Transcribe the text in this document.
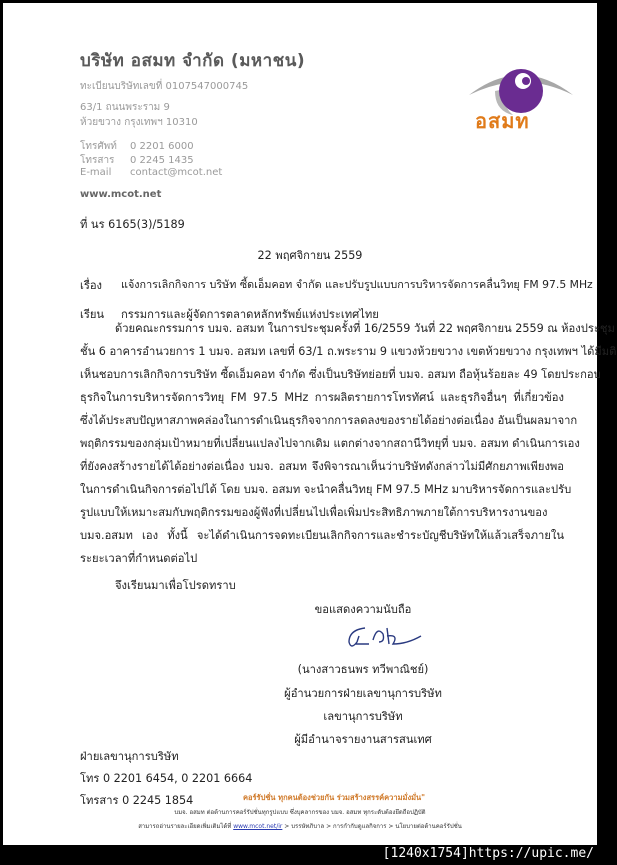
บริษัท อสมท จำกัด (มหาชน)
ทะเบียนบริษัทเลขที่ 0107547000745
63/1 ถนนพระราม 9
ห้วยขวาง กรุงเทพฯ 10310
โทรศัพท์ 0 2201 6000
โทรสาร 0 2245 1435
E-mail contact@mcot.net
www.mcot.net
อสมท
ที่ นร 6165(3)/5189
22 พฤศจิกายน 2559
เรื่อง แจ้งการเลิกกิจการ บริษัท ซี้ดเอ็มคอท จำกัด และปรับรูปแบบการบริหารจัดการคลื่นวิทยุ FM 97.5 MHz
เรียน กรรมการและผู้จัดการตลาดหลักทรัพย์แห่งประเทศไทย
ด้วยคณะกรรมการ บมจ. อสมท ในการประชุมครั้งที่ 16/2559 วันที่ 22 พฤศจิกายน 2559 ณ ห้องประชุม
ชั้น 6 อาคารอำนวยการ 1 บมจ. อสมท เลขที่ 63/1 ถ.พระราม 9 แขวงห้วยขวาง เขตห้วยขวาง กรุงเทพฯ ได้มีมติ
เห็นชอบการเลิกกิจการบริษัท ซี้ดเอ็มคอท จำกัด ซึ่งเป็นบริษัทย่อยที่ บมจ. อสมท ถือหุ้นร้อยละ 49 โดยประกอบ
ธุรกิจในการบริหารจัดการวิทยุ FM 97.5 MHz การผลิตรายการโทรทัศน์ และธุรกิจอื่นๆ ที่เกี่ยวข้อง
ซึ่งได้ประสบปัญหาสภาพคล่องในการดำเนินธุรกิจจากการลดลงของรายได้อย่างต่อเนื่อง อันเป็นผลมาจาก
พฤติกรรมของกลุ่มเป้าหมายที่เปลี่ยนแปลงไปจากเดิม แตกต่างจากสถานีวิทยุที่ บมจ. อสมท ดำเนินการเอง
ที่ยังคงสร้างรายได้ได้อย่างต่อเนื่อง บมจ. อสมท จึงพิจารณาเห็นว่าบริษัทดังกล่าวไม่มีศักยภาพเพียงพอ
ในการดำเนินกิจการต่อไปได้ โดย บมจ. อสมท จะนำคลื่นวิทยุ FM 97.5 MHz มาบริหารจัดการและปรับ
รูปแบบให้เหมาะสมกับพฤติกรรมของผู้ฟังที่เปลี่ยนไปเพื่อเพิ่มประสิทธิภาพภายใต้การบริหารงานของ
บมจ.อสมท เอง ทั้งนี้ จะได้ดำเนินการจดทะเบียนเลิกกิจการและชำระบัญชีบริษัทให้แล้วเสร็จภายใน
ระยะเวลาที่กำหนดต่อไป
จึงเรียนมาเพื่อโปรดทราบ
ขอแสดงความนับถือ
(นางสาวธนพร ทวีพาณิชย์)
ผู้อำนวยการฝ่ายเลขานุการบริษัท
เลขานุการบริษัท
ผู้มีอำนาจรายงานสารสนเทศ
ฝ่ายเลขานุการบริษัท
โทร 0 2201 6454, 0 2201 6664
โทรสาร 0 2245 1854	คอร์รัปชั่น ทุกคนต้องช่วยกัน ร่วมสร้างสรรค์ความมั่งมั่น"
บมจ. อสมท ต่อต้านการคอร์รัปชั่นทุกรูปแบบ ซึ่งบุคลากรของ บมจ. อสมท ทุกระดับต้องยึดถือปฏิบัติ
สามารถอ่านรายละเอียดเพิ่มเติมได้ที่ www.mcot.net/ir > บรรษัทภิบาล > การกำกับดูแลกิจการ > นโยบายต่อต้านคอร์รัปชั่น
[1240x1754]https://upic.me/
